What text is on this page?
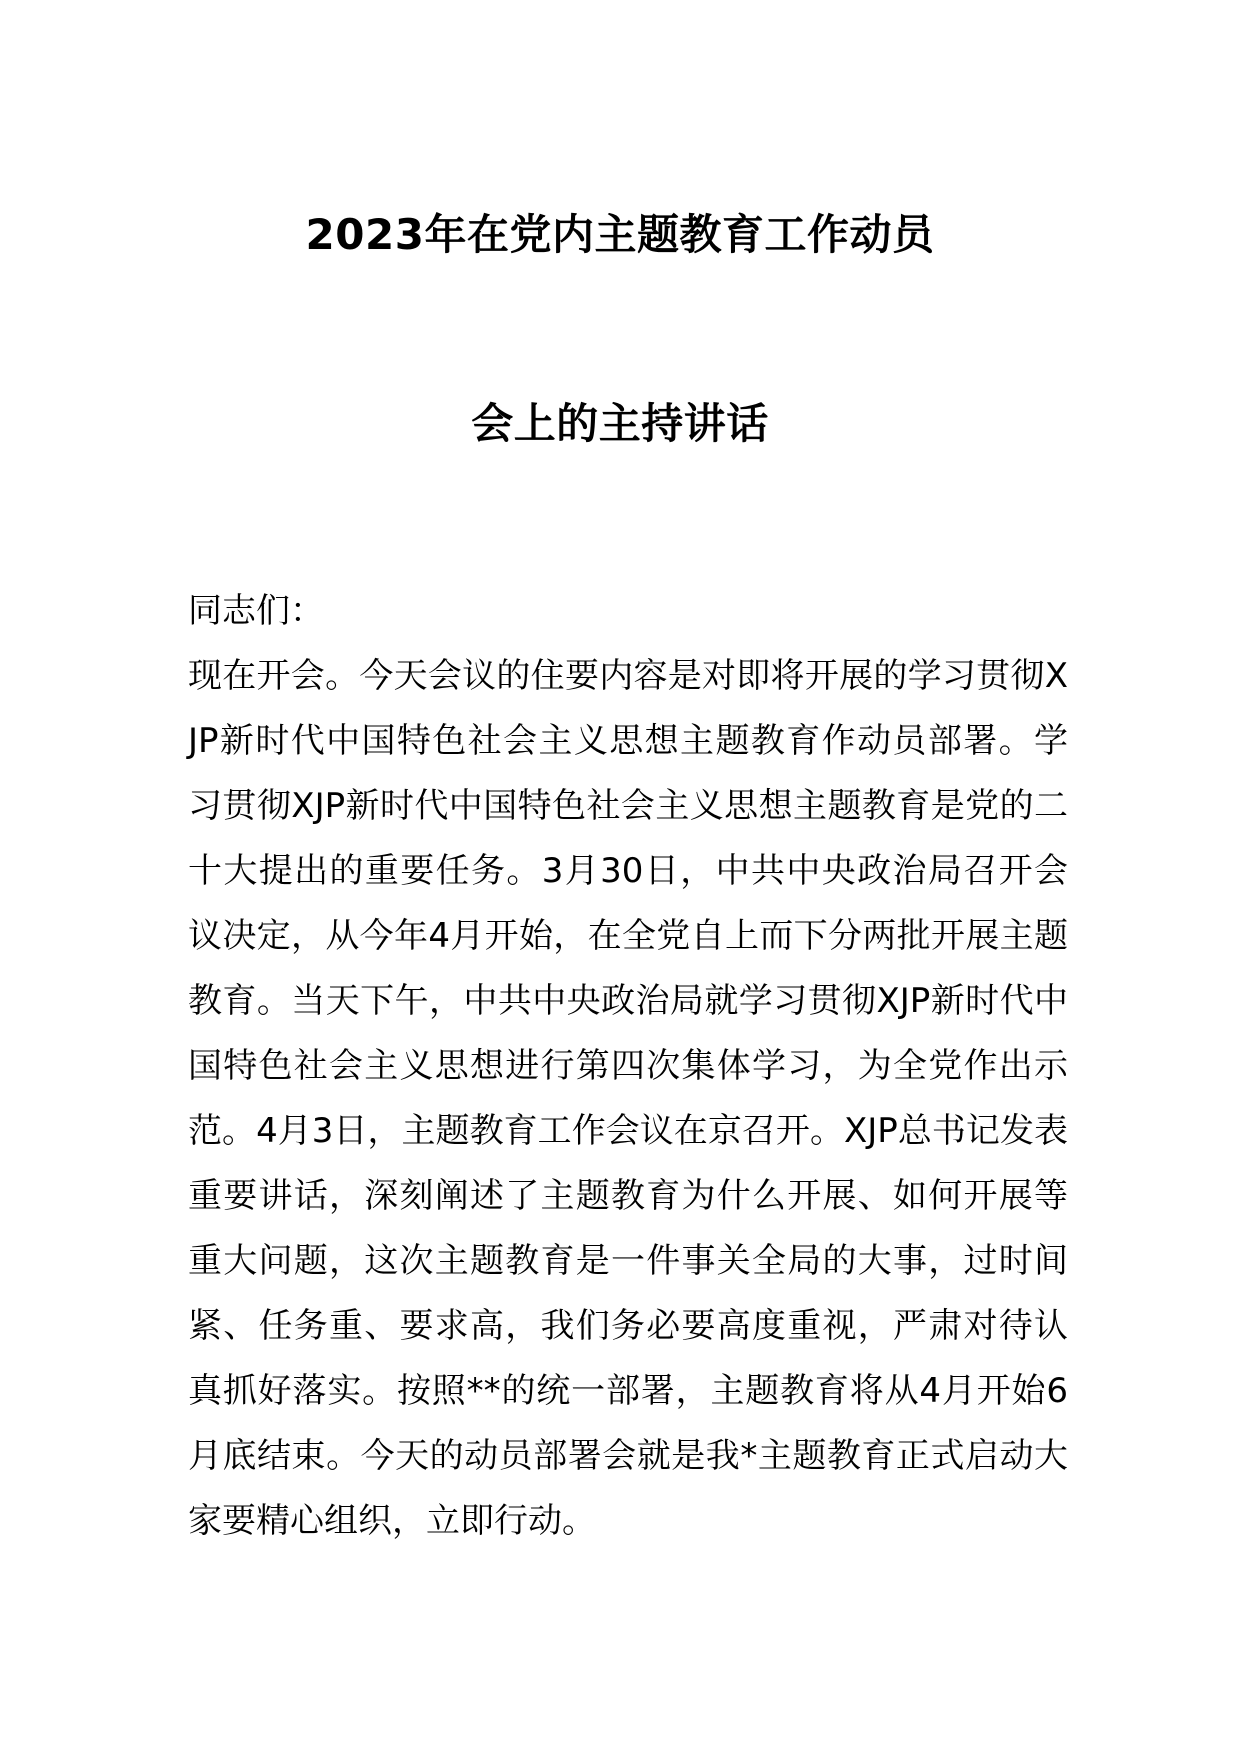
2023年在党内主题教育工作动员
会上的主持讲话
同志们：

现在开会。今天会议的住要内容是对即将开展的学习贯彻XJP新时代中国特色社会主义思想主题教育作动员部署。学习贯彻XJP新时代中国特色社会主义思想主题教育是党的二十大提出的重要任务。3月30日，中共中央政治局召开会议决定，从今年4月开始，在全党自上而下分两批开展主题教育。当天下午，中共中央政治局就学习贯彻XJP新时代中国特色社会主义思想进行第四次集体学习，为全党作出示范。4月3日，主题教育工作会议在京召开。XJP总书记发表重要讲话，深刻阐述了主题教育为什么开展、如何开展等重大问题，这次主题教育是一件事关全局的大事，过时间紧、任务重、要求高，我们务必要高度重视，严肃对待认真抓好落实。按照**的统一部署，主题教育将从4月开始6月底结束。今天的动员部署会就是我*主题教育正式启动大家要精心组织，立即行动。
